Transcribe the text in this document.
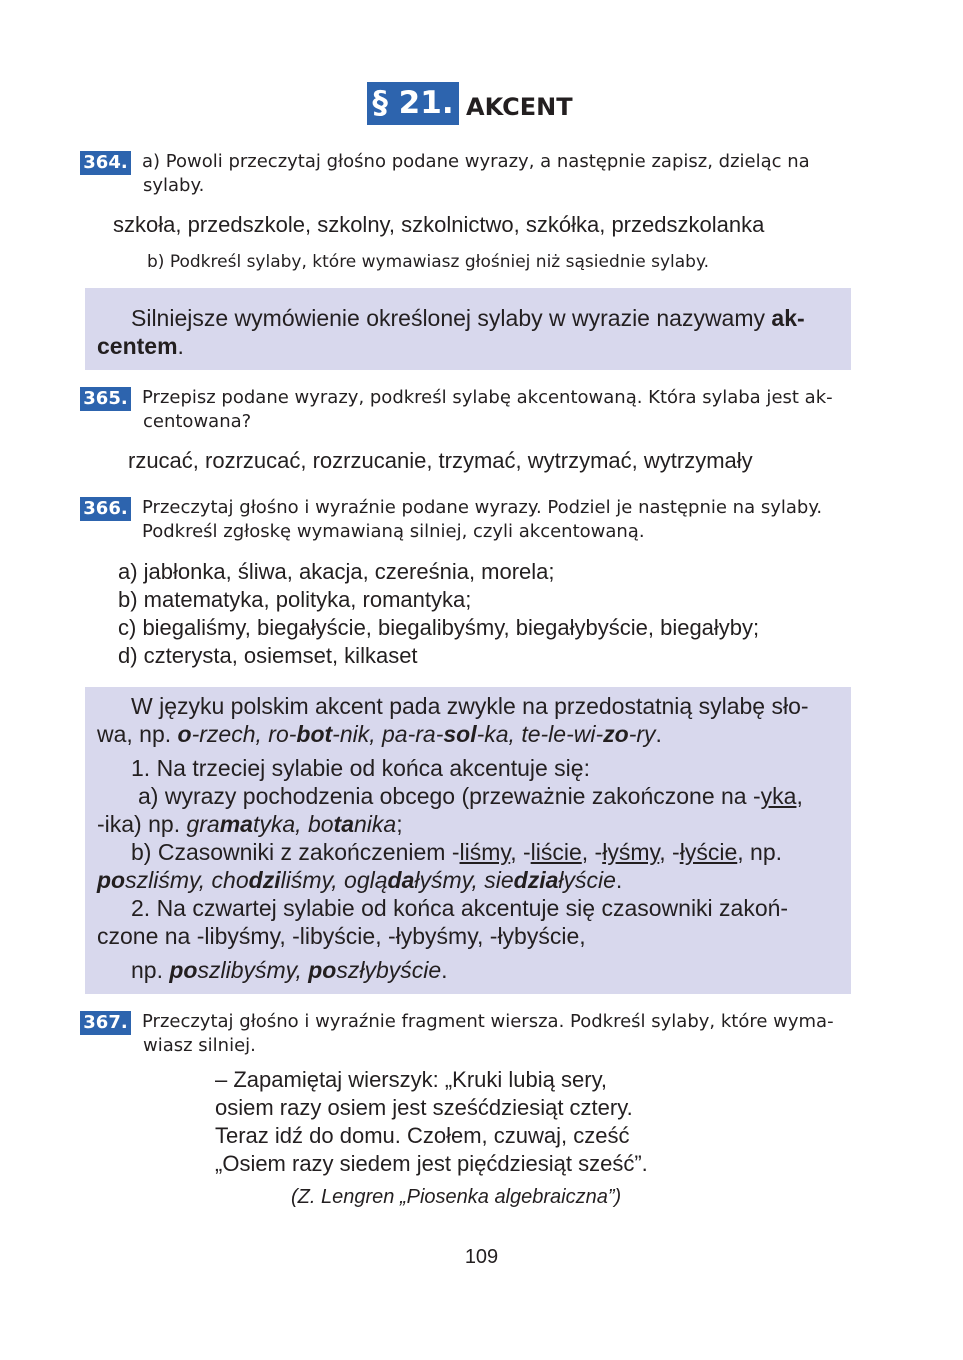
§ 21. AKCENT
364. a) Powoli przeczytaj głośno podane wyrazy, a następnie zapisz, dzieląc na
sylaby.
szkoła, przedszkole, szkolny, szkolnictwo, szkółka, przedszkolanka
b) Podkreśl sylaby, które wymawiasz głośniej niż sąsiednie sylaby.
Silniejsze wymówienie określonej sylaby w wyrazie nazywamy ak-
centem.
365. Przepisz podane wyrazy, podkreśl sylabę akcentowaną. Która sylaba jest ak-
centowana?
rzucać, rozrzucać, rozrzucanie, trzymać, wytrzymać, wytrzymały
366. Przeczytaj głośno i wyraźnie podane wyrazy. Podziel je następnie na sylaby.
Podkreśl zgłoskę wymawianą silniej, czyli akcentowaną.
a) jabłonka, śliwa, akacja, czereśnia, morela;
b) matematyka, polityka, romantyka;
c) biegaliśmy, biegałyście, biegalibyśmy, biegałybyście, biegałyby;
d) czterysta, osiemset, kilkaset
W języku polskim akcent pada zwykle na przedostatnią sylabę sło-
wa, np. o-rzech, ro-bot-nik, pa-ra-sol-ka, te-le-wi-zo-ry.
1. Na trzeciej sylabie od końca akcentuje się:
a) wyrazy pochodzenia obcego (przeważnie zakończone na -yka,
-ika) np. gramatyka, botanika;
b) Czasowniki z zakończeniem -liśmy, -liście, -łyśmy, -łyście, np.
poszliśmy, chodziliśmy, oglądałyśmy, siedziałyście.
2. Na czwartej sylabie od końca akcentuje się czasowniki zakoń-
czone na -libyśmy, -libyście, -łybyśmy, -łybyście,
np. poszlibyśmy, poszłybyście.
367. Przeczytaj głośno i wyraźnie fragment wiersza. Podkreśl sylaby, które wyma-
wiasz silniej.
– Zapamiętaj wierszyk: „Kruki lubią sery,
osiem razy osiem jest sześćdziesiąt cztery.
Teraz idź do domu. Czołem, czuwaj, cześć
„Osiem razy siedem jest pięćdziesiąt sześć”.
(Z. Lengren „Piosenka algebraiczna”)
109
